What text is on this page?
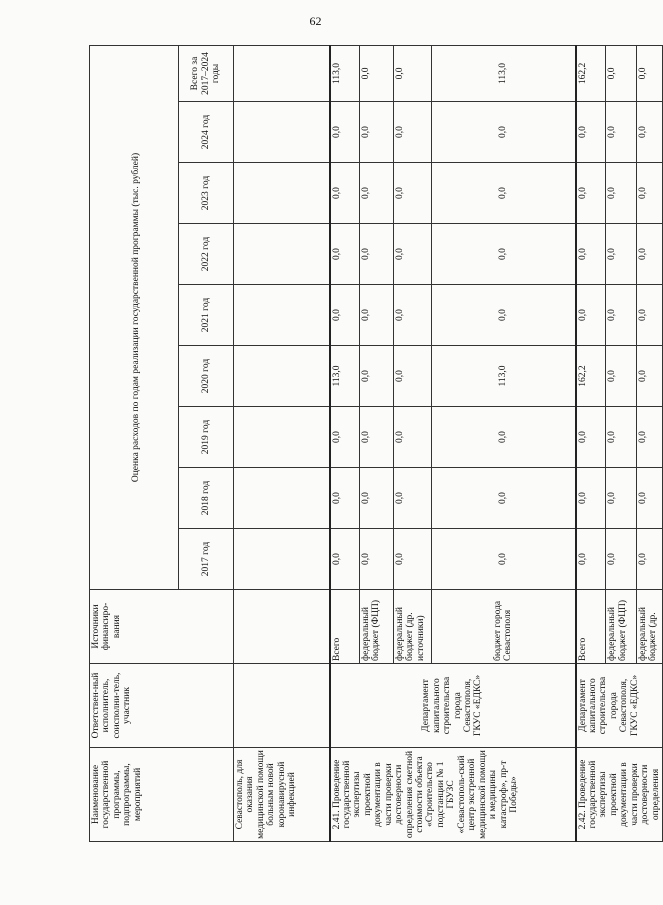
62
Наименование государственной программы, подпрограммы, мероприятий	Ответствен-ный исполнитель, соисполни-тель, участник	Источники финансиро-вания	Оценка расходов по годам реализации государственной программы (тыс. рублей)								

			2017 год	2018 год	2019 год	2020 год	2021 год	2022 год	2023 год	2024 год	Всего за 2017–2024 годы
Севастополь, для оказания медицинской помощи больным новой коронавирусной инфекцией											
2.41. Проведение государственной экспертизы проектной документации в части проверки достоверности определения сметной стоимости объекта «Строительство подстанции № 1 ГБУЗС «Севастополь-ский центр экстренной медицинской помощи и медицины катастроф», пр-т Победы»	Департамент капитального строительства города Севастополя, ГКУС «ЕДКС»	Всего	0,0	0,0	0,0	113,0	0,0	0,0	0,0	0,0	113,0
		федеральный бюджет (ФЦП)	0,0	0,0	0,0	0,0	0,0	0,0	0,0	0,0	0,0
		федеральный бюджет (др. источники)	0,0	0,0	0,0	0,0	0,0	0,0	0,0	0,0	0,0
		бюджет города Севастополя	0,0	0,0	0,0	113,0	0,0	0,0	0,0	0,0	113,0
2.42. Проведение государственной экспертизы проектной документации в части проверки достоверности определения	Департамент капитального строительства города Севастополя, ГКУС «ЕДКС»	Всего	0,0	0,0	0,0	162,2	0,0	0,0	0,0	0,0	162,2
		федеральный бюджет (ФЦП)	0,0	0,0	0,0	0,0	0,0	0,0	0,0	0,0	0,0
		федеральный бюджет (др.	0,0	0,0	0,0	0,0	0,0	0,0	0,0	0,0	0,0
